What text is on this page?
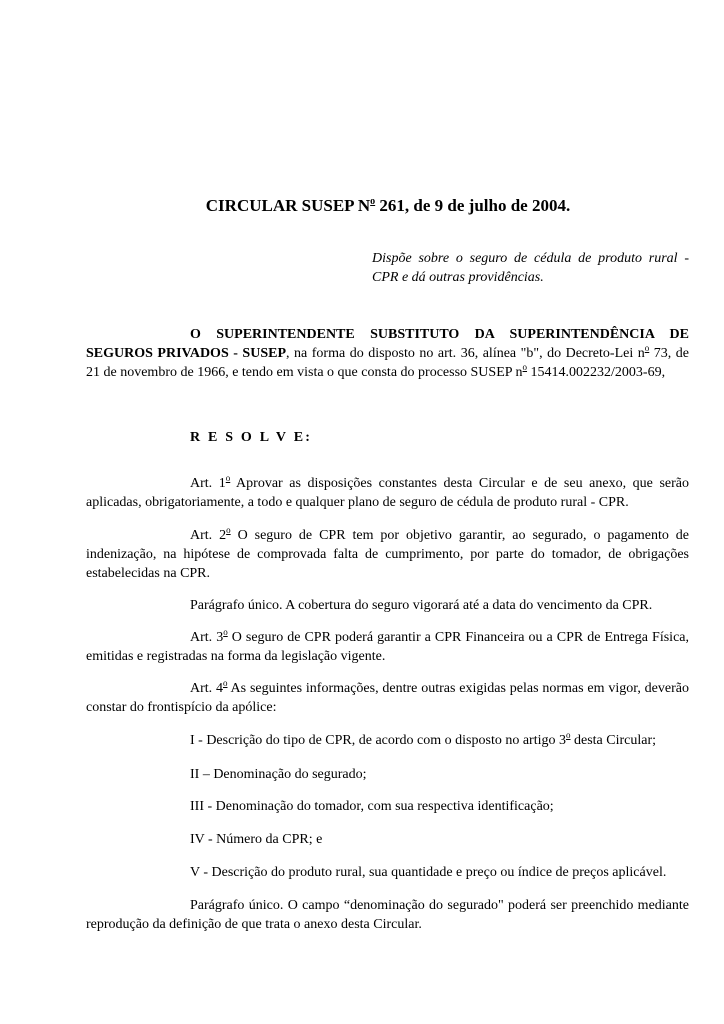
CIRCULAR SUSEP $N^o$ 261, de 9 de julho de 2004.
Dispõe sobre o seguro de cédula de produto rural - CPR e dá outras providências.
O SUPERINTENDENTE SUBSTITUTO DA SUPERINTENDÊNCIA DE SEGUROS PRIVADOS - SUSEP, na forma do disposto no art. 36, alínea "b", do Decreto-Lei $n^o$ 73, de 21 de novembro de 1966, e tendo em vista o que consta do processo SUSEP $n^o$ 15414.002232/2003-69,
R E S O L V E:
Art. 1$^o$ Aprovar as disposições constantes desta Circular e de seu anexo, que serão aplicadas, obrigatoriamente, a todo e qualquer plano de seguro de cédula de produto rural - CPR.
Art. 2$^o$ O seguro de CPR tem por objetivo garantir, ao segurado, o pagamento de indenização, na hipótese de comprovada falta de cumprimento, por parte do tomador, de obrigações estabelecidas na CPR.
Parágrafo único. A cobertura do seguro vigorará até a data do vencimento da CPR.
Art. 3$^o$ O seguro de CPR poderá garantir a CPR Financeira ou a CPR de Entrega Física, emitidas e registradas na forma da legislação vigente.
Art. 4$^o$ As seguintes informações, dentre outras exigidas pelas normas em vigor, deverão constar do frontispício da apólice:
I - Descrição do tipo de CPR, de acordo com o disposto no artigo 3$^o$ desta Circular;
II – Denominação do segurado;
III - Denominação do tomador, com sua respectiva identificação;
IV - Número da CPR; e
V - Descrição do produto rural, sua quantidade e preço ou índice de preços aplicável.
Parágrafo único. O campo “denominação do segurado" poderá ser preenchido mediante reprodução da definição de que trata o anexo desta Circular.
